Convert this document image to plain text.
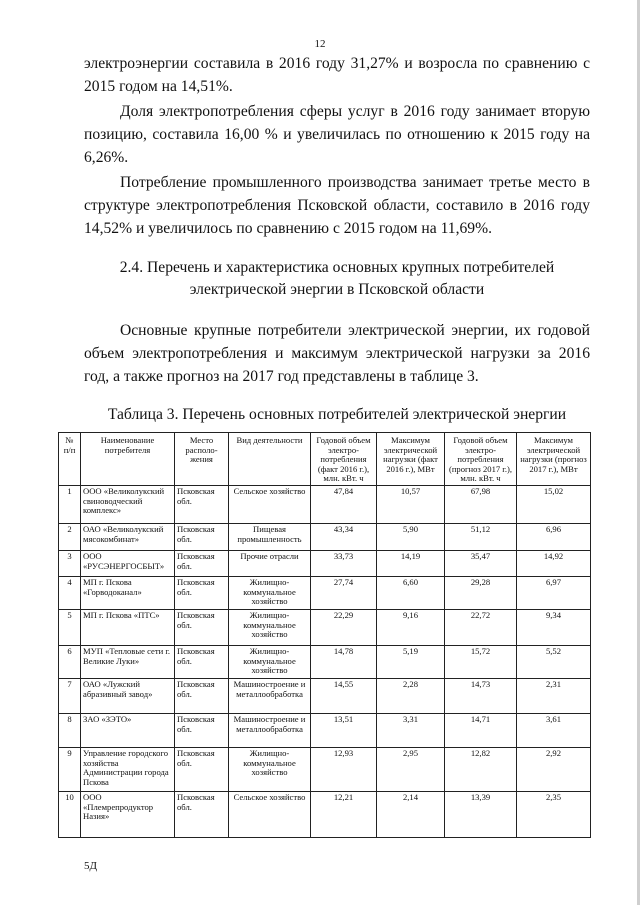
12

электроэнергии составила в 2016 году 31,27% и возросла по сравнению с 2015 годом на 14,51%.

Доля электропотребления сферы услуг в 2016 году занимает вторую позицию, составила 16,00 % и увеличилась по отношению к 2015 году на 6,26%.

Потребление промышленного производства занимает третье место в структуре электропотребления Псковской области, составило в 2016 году 14,52% и увеличилось по сравнению с 2015 годом на 11,69%.

2.4. Перечень и характеристика основных крупных потребителей
электрической энергии в Псковской области

Основные крупные потребители электрической энергии, их годовой объем электропотребления и максимум электрической нагрузки за 2016 год, а также прогноз на 2017 год представлены в таблице 3.

Таблица 3. Перечень основных потребителей электрической энергии
№ п/п	Наименование потребителя	Место располо-жения	Вид деятельности	Годовой объем электро-потребления (факт 2016 г.), млн. кВт. ч	Максимум электрической нагрузки (факт 2016 г.), МВт	Годовой объем электро-потребления (прогноз 2017 г.), млн. кВт. ч	Максимум электрической нагрузки (прогноз 2017 г.), МВт
1	ООО «Великолукский свиноводческий комплекс»	Псковская обл.	Сельское хозяйство	47,84	10,57	67,98	15,02
2	ОАО «Великолукский мясокомбинат»	Псковская обл.	Пищевая промышленность	43,34	5,90	51,12	6,96
3	ООО «РУСЭНЕРГОСБЫТ»	Псковская обл.	Прочие отрасли	33,73	14,19	35,47	14,92
4	МП г. Пскова «Горводоканал»	Псковская обл.	Жилищно-коммунальное хозяйство	27,74	6,60	29,28	6,97
5	МП г. Пскова «ПТС»	Псковская обл.	Жилищно-коммунальное хозяйство	22,29	9,16	22,72	9,34
6	МУП «Тепловые сети г. Великие Луки»	Псковская обл.	Жилищно-коммунальное хозяйство	14,78	5,19	15,72	5,52
7	ОАО «Лужский абразивный завод»	Псковская обл.	Машиностроение и металлообработка	14,55	2,28	14,73	2,31
8	ЗАО «ЗЭТО»	Псковская обл.	Машиностроение и металлообработка	13,51	3,31	14,71	3,61
9	Управление городского хозяйства Администрации города Пскова	Псковская обл.	Жилищно-коммунальное хозяйство	12,93	2,95	12,82	2,92
10	ООО «Племрепродуктор Назия»	Псковская обл.	Сельское хозяйство	12,21	2,14	13,39	2,35
5Д
